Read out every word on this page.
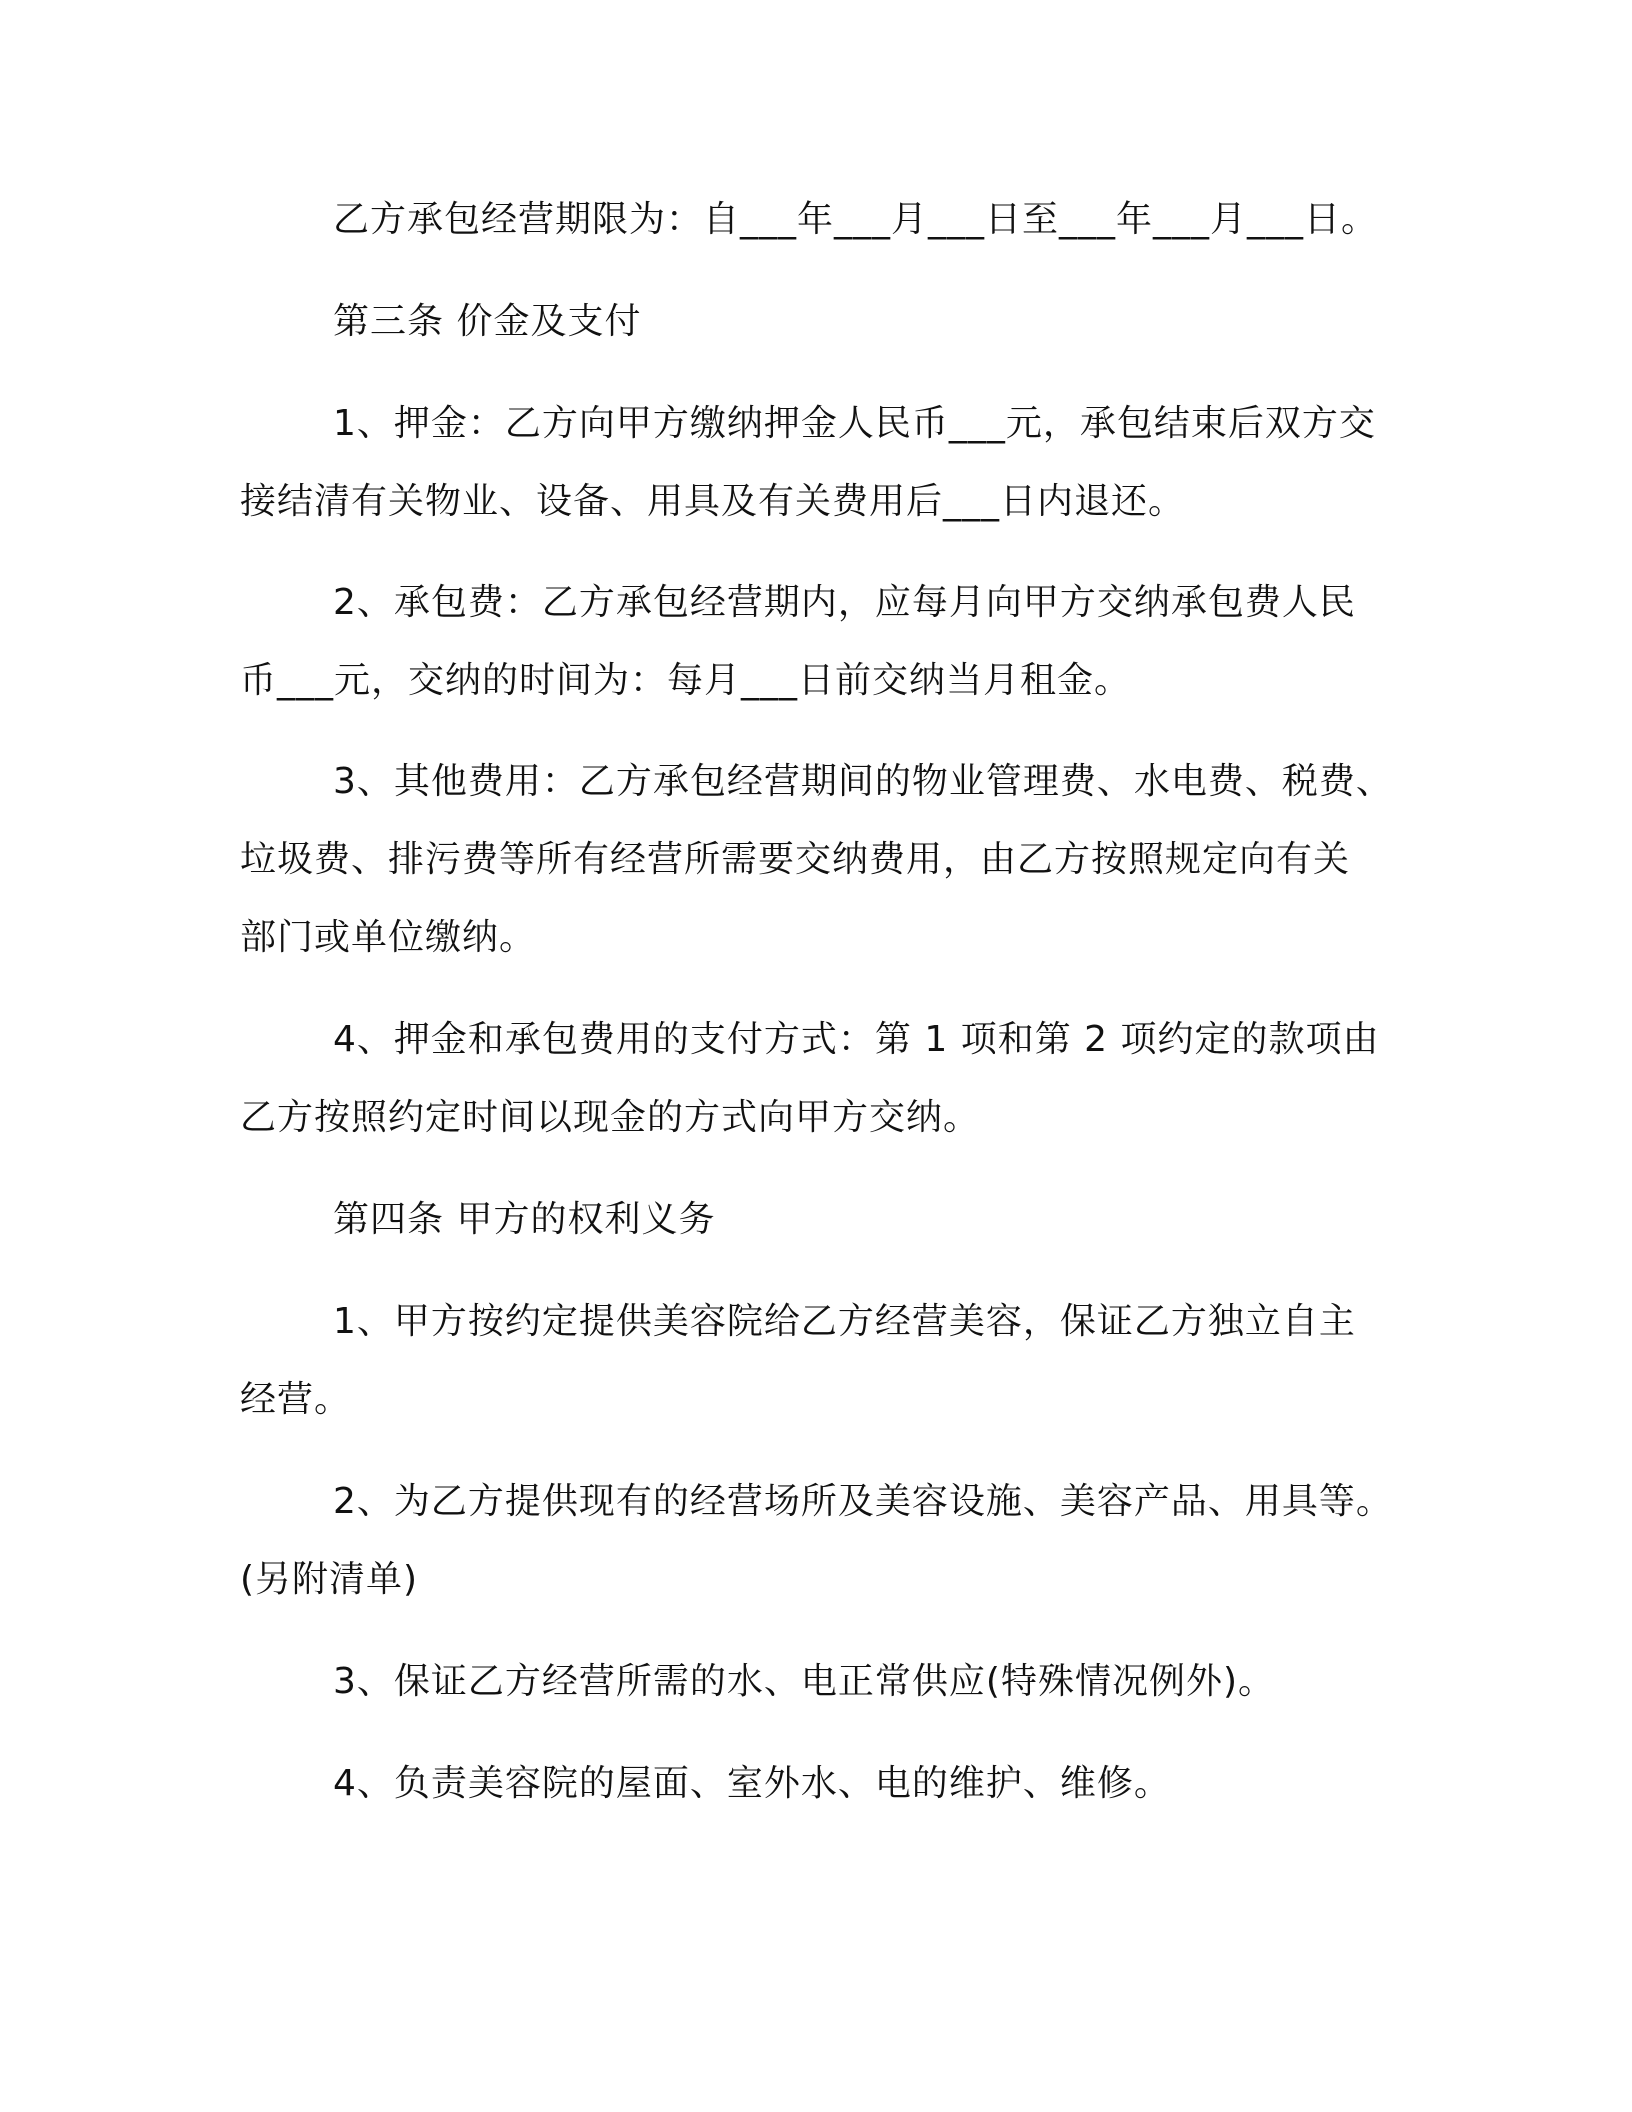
乙方承包经营期限为：自___年___月___日至___年___月___日。
第三条 价金及支付
1、押金：乙方向甲方缴纳押金人民币___元，承包结束后双方交
接结清有关物业、设备、用具及有关费用后___日内退还。
2、承包费：乙方承包经营期内，应每月向甲方交纳承包费人民
币___元，交纳的时间为：每月___日前交纳当月租金。
3、其他费用：乙方承包经营期间的物业管理费、水电费、税费、
垃圾费、排污费等所有经营所需要交纳费用，由乙方按照规定向有关
部门或单位缴纳。
4、押金和承包费用的支付方式：第 1 项和第 2 项约定的款项由
乙方按照约定时间以现金的方式向甲方交纳。
第四条 甲方的权利义务
1、甲方按约定提供美容院给乙方经营美容，保证乙方独立自主
经营。
2、为乙方提供现有的经营场所及美容设施、美容产品、用具等。
(另附清单)
3、保证乙方经营所需的水、电正常供应(特殊情况例外)。
4、负责美容院的屋面、室外水、电的维护、维修。
